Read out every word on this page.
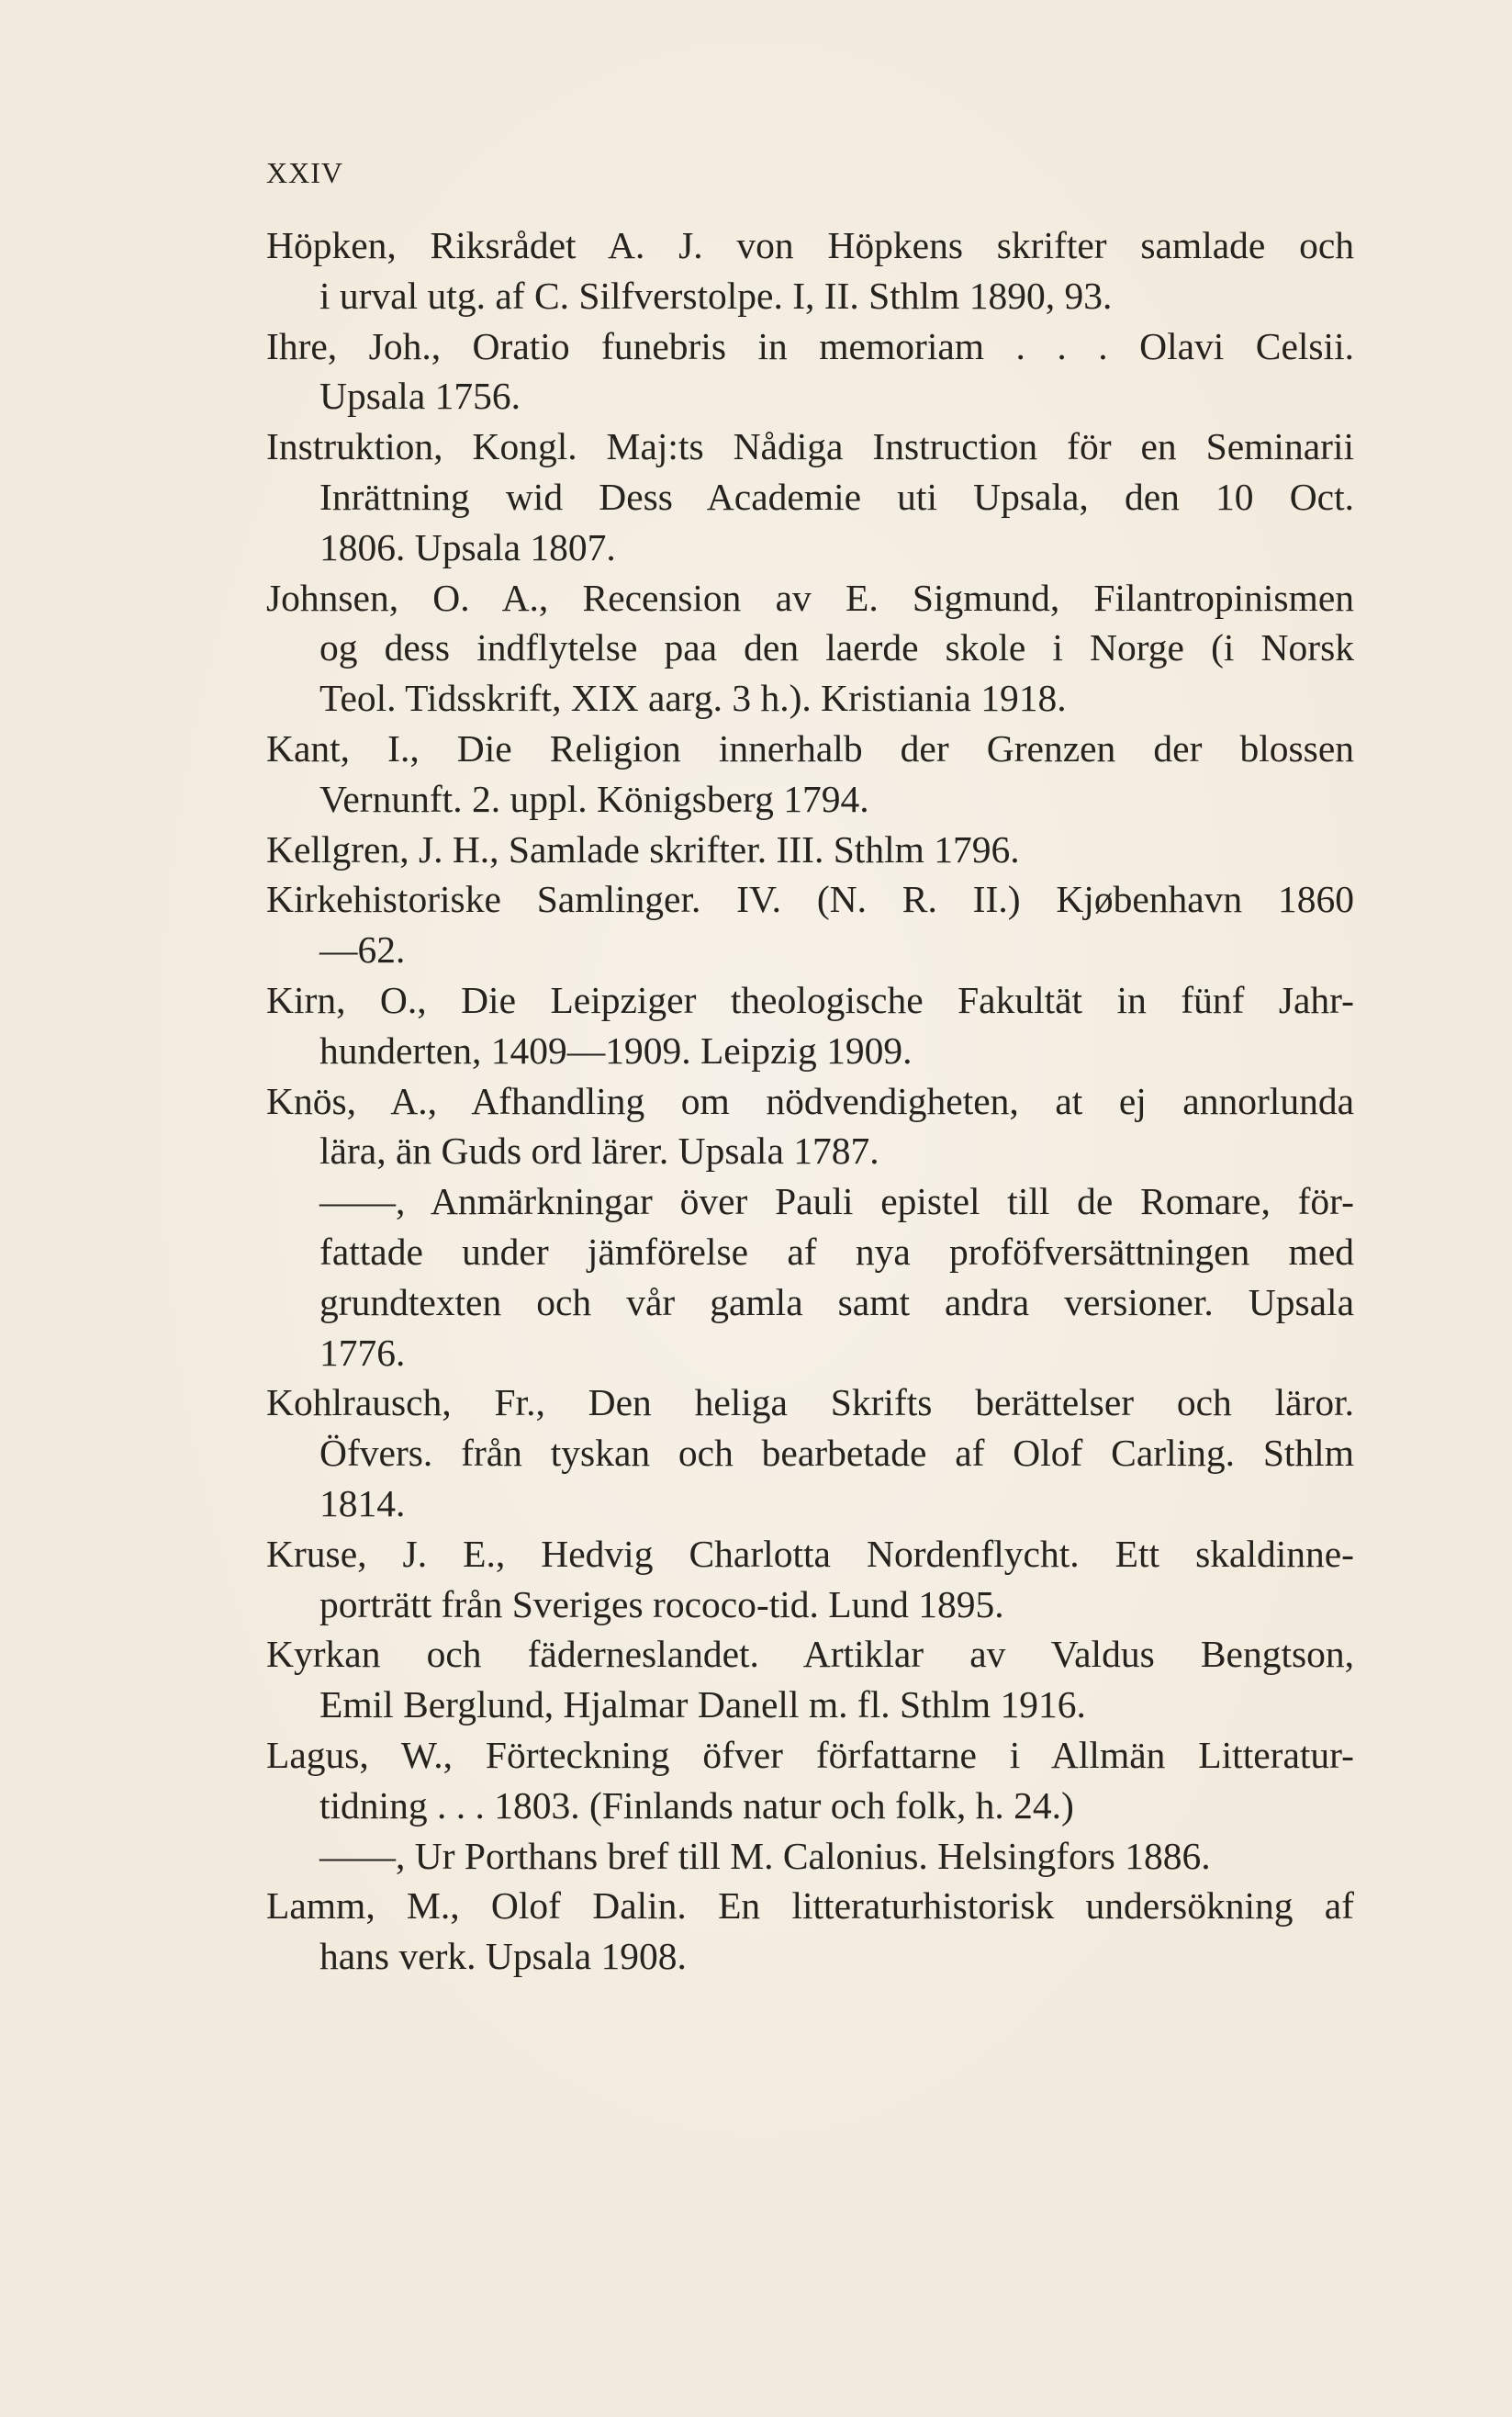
XXIV
Höpken, Riksrådet A. J. von Höpkens skrifter samlade och
i urval utg. af C. Silfverstolpe. I, II. Sthlm 1890, 93.
Ihre, Joh., Oratio funebris in memoriam . . . Olavi Celsii.
Upsala 1756.
Instruktion, Kongl. Maj:ts Nådiga Instruction för en Seminarii
Inrättning wid Dess Academie uti Upsala, den 10 Oct.
1806. Upsala 1807.
Johnsen, O. A., Recension av E. Sigmund, Filantropinismen
og dess indflytelse paa den laerde skole i Norge (i Norsk
Teol. Tidsskrift, XIX aarg. 3 h.). Kristiania 1918.
Kant, I., Die Religion innerhalb der Grenzen der blossen
Vernunft. 2. uppl. Königsberg 1794.
Kellgren, J. H., Samlade skrifter. III. Sthlm 1796.
Kirkehistoriske Samlinger. IV. (N. R. II.) Kjøbenhavn 1860
—62.
Kirn, O., Die Leipziger theologische Fakultät in fünf Jahr-
hunderten, 1409—1909. Leipzig 1909.
Knös, A., Afhandling om nödvendigheten, at ej annorlunda
lära, än Guds ord lärer. Upsala 1787.
——, Anmärkningar över Pauli epistel till de Romare, för-
fattade under jämförelse af nya proföfversättningen med
grundtexten och vår gamla samt andra versioner. Upsala
1776.
Kohlrausch, Fr., Den heliga Skrifts berättelser och läror.
Öfvers. från tyskan och bearbetade af Olof Carling. Sthlm
1814.
Kruse, J. E., Hedvig Charlotta Nordenflycht. Ett skaldinne-
porträtt från Sveriges rococo-tid. Lund 1895.
Kyrkan och fäderneslandet. Artiklar av Valdus Bengtson,
Emil Berglund, Hjalmar Danell m. fl. Sthlm 1916.
Lagus, W., Förteckning öfver författarne i Allmän Litteratur-
tidning . . . 1803. (Finlands natur och folk, h. 24.)
——, Ur Porthans bref till M. Calonius. Helsingfors 1886.
Lamm, M., Olof Dalin. En litteraturhistorisk undersökning af
hans verk. Upsala 1908.
